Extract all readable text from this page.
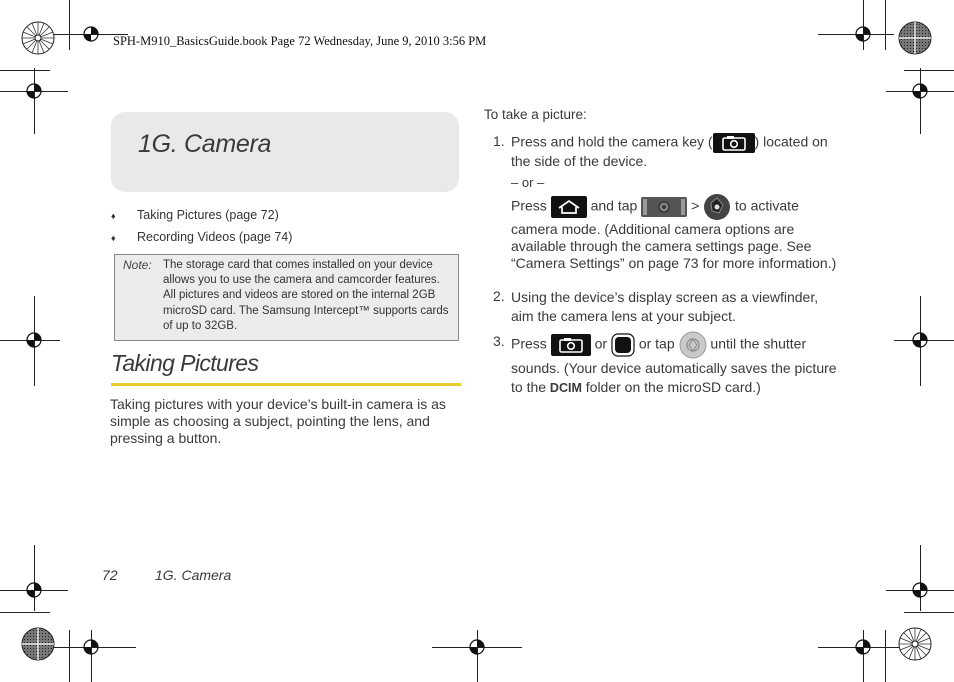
SPH-M910_BasicsGuide.book Page 72 Wednesday, June 9, 2010 3:56 PM
1G. Camera
♦ Taking Pictures (page 72)
♦ Recording Videos (page 74)
Note: The storage card that comes installed on your device allows you to use the camera and camcorder features. All pictures and videos are stored on the internal 2GB microSD card. The Samsung Intercept™ supports cards of up to 32GB.
Taking Pictures
Taking pictures with your device’s built-in camera is as simple as choosing a subject, pointing the lens, and pressing a button.
To take a picture:
1. Press and hold the camera key (	) located on the side of the device.
– or –
Press	and tap	>	to activate camera mode. (Additional camera options are available through the camera settings page. See “Camera Settings” on page 73 for more information.)
2. Using the device’s display screen as a viewfinder, aim the camera lens at your subject.
3. Press	or or tap	until the shutter sounds. (Your device automatically saves the picture to the DCIM folder on the microSD card.)
72	1G. Camera
